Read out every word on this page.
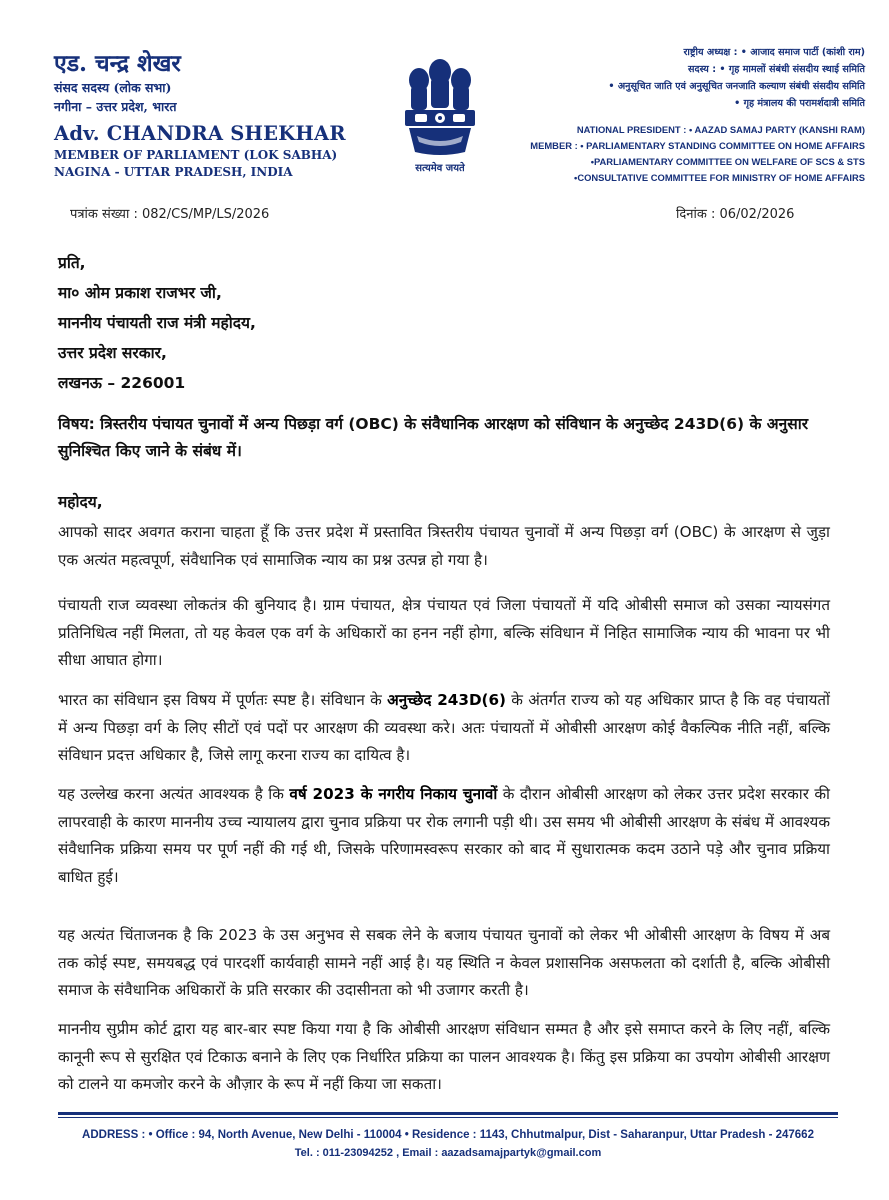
एड. चन्द्र शेखर
संसद सदस्य (लोक सभा)
नगीना – उत्तर प्रदेश, भारत
Adv. CHANDRA SHEKHAR
MEMBER OF PARLIAMENT (LOK SABHA)
NAGINA - UTTAR PRADESH, INDIA	सत्यमेव जयते
राष्ट्रीय अध्यक्ष : • आजाद समाज पार्टी (कांशी राम)
सदस्य : • गृह मामलों संबंधी संसदीय स्थाई समिति
• अनुसूचित जाति एवं अनुसूचित जनजाति कल्याण संबंधी संसदीय समिति
• गृह मंत्रालय की परामर्शदात्री समिति
NATIONAL PRESIDENT : • AAZAD SAMAJ PARTY (KANSHI RAM)
MEMBER : • PARLIAMENTARY STANDING COMMITTEE ON HOME AFFAIRS
•PARLIAMENTARY COMMITTEE ON WELFARE OF SCS & STS
•CONSULTATIVE COMMITTEE FOR MINISTRY OF HOME AFFAIRS
पत्रांक संख्या : 082/CS/MP/LS/2026	दिनांक : 06/02/2026
प्रति,
मा० ओम प्रकाश राजभर जी,
माननीय पंचायती राज मंत्री महोदय,
उत्तर प्रदेश सरकार,
लखनऊ – 226001
विषय: त्रिस्तरीय पंचायत चुनावों में अन्य पिछड़ा वर्ग (OBC) के संवैधानिक आरक्षण को संविधान के अनुच्छेद 243D(6) के अनुसार सुनिश्चित किए जाने के संबंध में।
महोदय,
आपको सादर अवगत कराना चाहता हूँ कि उत्तर प्रदेश में प्रस्तावित त्रिस्तरीय पंचायत चुनावों में अन्य पिछड़ा वर्ग (OBC) के आरक्षण से जुड़ा एक अत्यंत महत्वपूर्ण, संवैधानिक एवं सामाजिक न्याय का प्रश्न उत्पन्न हो गया है।
पंचायती राज व्यवस्था लोकतंत्र की बुनियाद है। ग्राम पंचायत, क्षेत्र पंचायत एवं जिला पंचायतों में यदि ओबीसी समाज को उसका न्यायसंगत प्रतिनिधित्व नहीं मिलता, तो यह केवल एक वर्ग के अधिकारों का हनन नहीं होगा, बल्कि संविधान में निहित सामाजिक न्याय की भावना पर भी सीधा आघात होगा।
भारत का संविधान इस विषय में पूर्णतः स्पष्ट है। संविधान के अनुच्छेद 243D(6) के अंतर्गत राज्य को यह अधिकार प्राप्त है कि वह पंचायतों में अन्य पिछड़ा वर्ग के लिए सीटों एवं पदों पर आरक्षण की व्यवस्था करे। अतः पंचायतों में ओबीसी आरक्षण कोई वैकल्पिक नीति नहीं, बल्कि संविधान प्रदत्त अधिकार है, जिसे लागू करना राज्य का दायित्व है।
यह उल्लेख करना अत्यंत आवश्यक है कि वर्ष 2023 के नगरीय निकाय चुनावों के दौरान ओबीसी आरक्षण को लेकर उत्तर प्रदेश सरकार की लापरवाही के कारण माननीय उच्च न्यायालय द्वारा चुनाव प्रक्रिया पर रोक लगानी पड़ी थी। उस समय भी ओबीसी आरक्षण के संबंध में आवश्यक संवैधानिक प्रक्रिया समय पर पूर्ण नहीं की गई थी, जिसके परिणामस्वरूप सरकार को बाद में सुधारात्मक कदम उठाने पड़े और चुनाव प्रक्रिया बाधित हुई।
यह अत्यंत चिंताजनक है कि 2023 के उस अनुभव से सबक लेने के बजाय पंचायत चुनावों को लेकर भी ओबीसी आरक्षण के विषय में अब तक कोई स्पष्ट, समयबद्ध एवं पारदर्शी कार्यवाही सामने नहीं आई है। यह स्थिति न केवल प्रशासनिक असफलता को दर्शाती है, बल्कि ओबीसी समाज के संवैधानिक अधिकारों के प्रति सरकार की उदासीनता को भी उजागर करती है।
माननीय सुप्रीम कोर्ट द्वारा यह बार-बार स्पष्ट किया गया है कि ओबीसी आरक्षण संविधान सम्मत है और इसे समाप्त करने के लिए नहीं, बल्कि कानूनी रूप से सुरक्षित एवं टिकाऊ बनाने के लिए एक निर्धारित प्रक्रिया का पालन आवश्यक है। किंतु इस प्रक्रिया का उपयोग ओबीसी आरक्षण को टालने या कमजोर करने के औज़ार के रूप में नहीं किया जा सकता।
ADDRESS : • Office : 94, North Avenue, New Delhi - 110004 • Residence : 1143, Chhutmalpur, Dist - Saharanpur, Uttar Pradesh - 247662
Tel. : 011-23094252 , Email : aazadsamajpartyk@gmail.com
